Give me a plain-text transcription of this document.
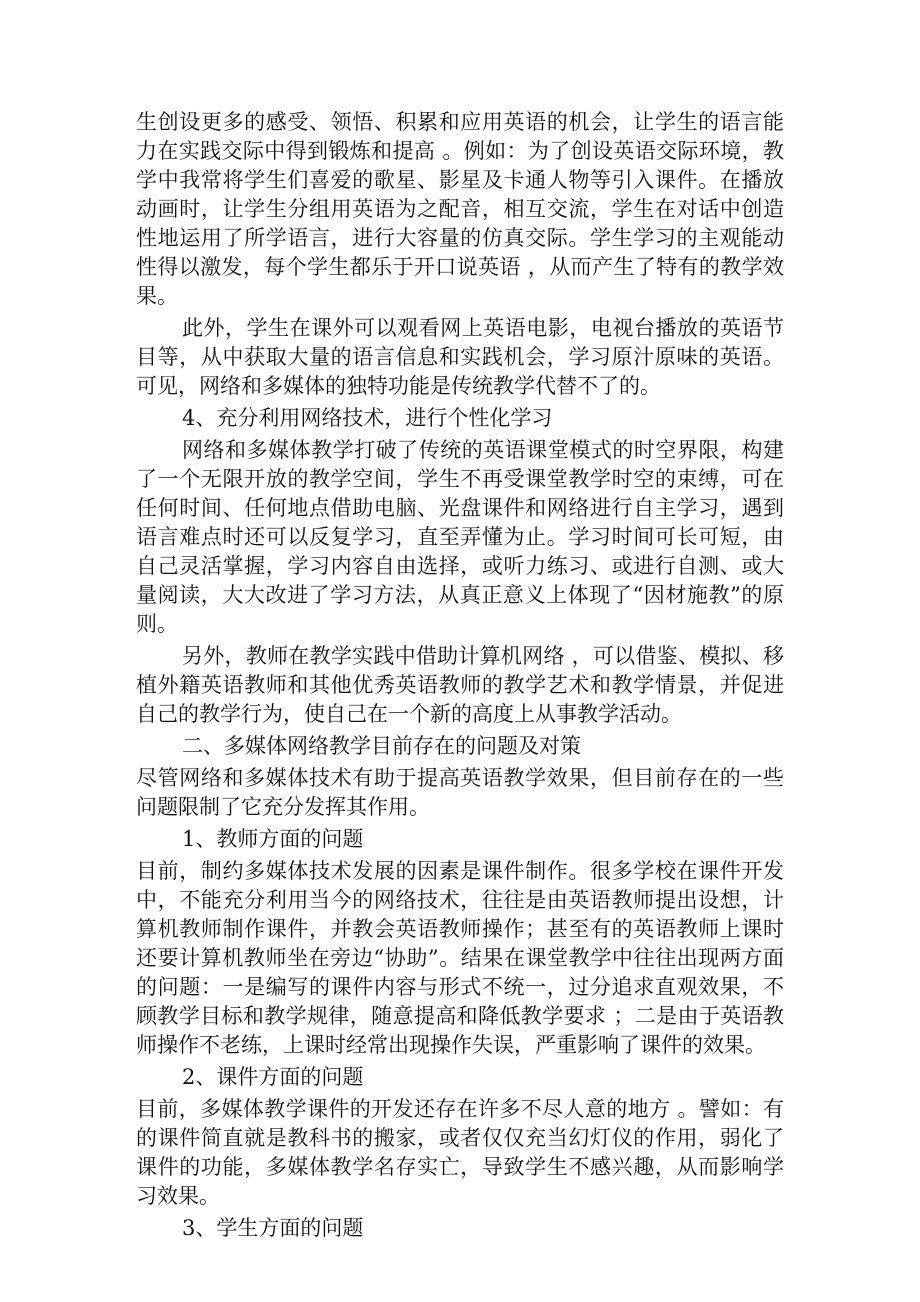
生创设更多的感受、领悟、积累和应用英语的机会，让学生的语言能力在实践交际中得到锻炼和提高 。例如：为了创设英语交际环境，教学中我常将学生们喜爱的歌星、影星及卡通人物等引入课件。在播放动画时，让学生分组用英语为之配音，相互交流，学生在对话中创造性地运用了所学语言，进行大容量的仿真交际。学生学习的主观能动性得以激发，每个学生都乐于开口说英语 ，从而产生了特有的教学效果。

此外，学生在课外可以观看网上英语电影，电视台播放的英语节目等，从中获取大量的语言信息和实践机会，学习原汁原味的英语。可见，网络和多媒体的独特功能是传统教学代替不了的。

4、充分利用网络技术，进行个性化学习

网络和多媒体教学打破了传统的英语课堂模式的时空界限，构建了一个无限开放的教学空间，学生不再受课堂教学时空的束缚，可在任何时间、任何地点借助电脑、光盘课件和网络进行自主学习，遇到语言难点时还可以反复学习，直至弄懂为止。学习时间可长可短，由自己灵活掌握，学习内容自由选择，或听力练习、或进行自测、或大量阅读，大大改进了学习方法，从真正意义上体现了“因材施教”的原则。

另外，教师在教学实践中借助计算机网络 ，可以借鉴、模拟、移植外籍英语教师和其他优秀英语教师的教学艺术和教学情景，并促进自己的教学行为，使自己在一个新的高度上从事教学活动。

二、多媒体网络教学目前存在的问题及对策

尽管网络和多媒体技术有助于提高英语教学效果，但目前存在的一些问题限制了它充分发挥其作用。

1、教师方面的问题

目前，制约多媒体技术发展的因素是课件制作。很多学校在课件开发中，不能充分利用当今的网络技术，往往是由英语教师提出设想，计算机教师制作课件，并教会英语教师操作；甚至有的英语教师上课时还要计算机教师坐在旁边“协助”。结果在课堂教学中往往出现两方面的问题：一是编写的课件内容与形式不统一，过分追求直观效果，不顾教学目标和教学规律，随意提高和降低教学要求 ；二是由于英语教师操作不老练，上课时经常出现操作失误，严重影响了课件的效果。

2、课件方面的问题

目前，多媒体教学课件的开发还存在许多不尽人意的地方 。譬如：有的课件简直就是教科书的搬家，或者仅仅充当幻灯仪的作用，弱化了课件的功能，多媒体教学名存实亡，导致学生不感兴趣，从而影响学习效果。

3、学生方面的问题
